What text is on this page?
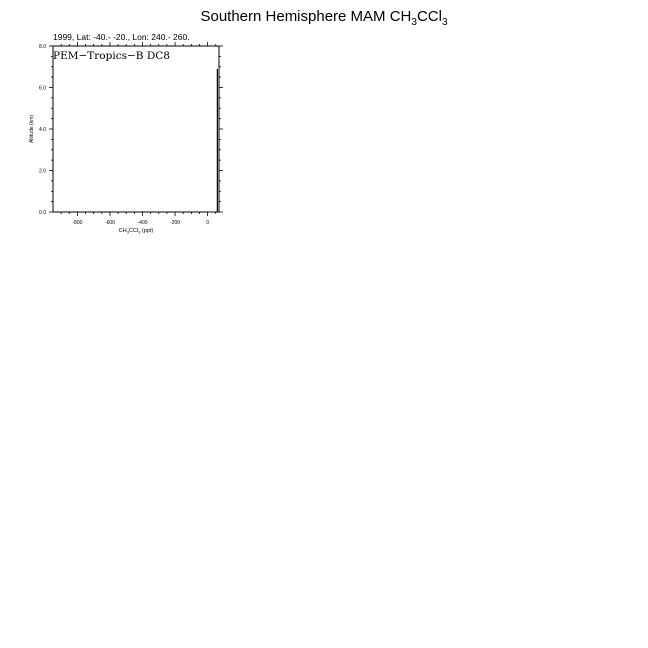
Southern Hemisphere MAM $CH_3CCl_3$
1999, Lat: -40.- -20., Lon: 240.- 260.
-800	-600	-400	-200	0
0.0
2.0
4.0
6.0
8.0
PEM−Tropics−B DC8
Altitude (km)
$CH_3CCl_3$ (ppt)
